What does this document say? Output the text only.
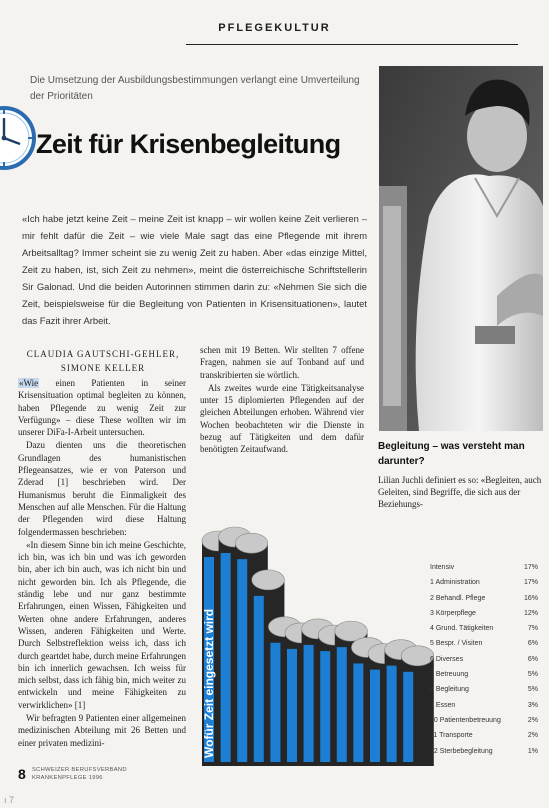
PFLEGEKULTUR
Die Umsetzung der Ausbildungsbestimmungen verlangt eine Umverteilung der Prioritäten
Zeit für Krisenbegleitung
«Ich habe jetzt keine Zeit – meine Zeit ist knapp – wir wollen keine Zeit verlieren – mir fehlt dafür die Zeit – wie viele Male sagt das eine Pflegende mit ihrem Arbeitsalltag? Immer scheint sie zu wenig Zeit zu haben. Aber «das einzige Mittel, Zeit zu haben, ist, sich Zeit zu nehmen», meint die österreichische Schriftstellerin Sir Galonad. Und die beiden Autorinnen stimmen darin zu: «Nehmen Sie sich die Zeit, beispielsweise für die Begleitung von Patienten in Krisensituationen», lautet das Fazit ihrer Arbeit.
CLAUDIA GAUTSCHI-GEHLER,
SIMONE KELLER

«Wie einen Patienten in seiner Krisensituation optimal begleiten zu können, haben Pflegende zu wenig Zeit zur Verfügung» – diese These wollten wir im unserer DiFa-I-Arbeit untersuchen.

Dazu dienten uns die theoretischen Grundlagen des humanistischen Pflegeansatzes, wie er von Paterson und Zderad [1] beschrieben wird. Der Humanismus beruht die Einmaligkeit des Menschen auf alle Menschen. Für die Haltung der Pflegenden wird diese Haltung folgendermassen beschrieben:

«In diesem Sinne bin ich meine Geschichte, ich bin, was ich bin und was ich geworden bin, aber ich bin auch, was ich nicht bin und nicht geworden bin. Ich als Pflegende, die ständig lebe und nur ganz bestimmte Erfahrungen, einen Wissen, Fähigkeiten und Werten ohne andere Erfahrungen, anderes Wissen, anderen Fähigkeiten und Werte. Durch Selbstreflektion weiss ich, dass ich durch geartdet habe, durch meine Erfahrungen bin ich innerlich gewachsen. Ich weiss für mich selbst, dass ich fähig bin, mich weiter zu entwickeln und meine Fähigkeiten zu verwirklichen» [1]

Wir befragten 9 Patienten einer allgemeinen medizinischen Abteilung mit 26 Betten und einer privaten medizini-

schen mit 19 Betten. Wir stellten 7 offene Fragen, nahmen sie auf Tonband auf und transkribierten sie wörtlich.

Als zweites wurde eine Tätigkeitsanalyse unter 15 diplomierten Pflegenden auf der gleichen Abteilungen erhoben. Während vier Wochen beobachteten wir die Dienste in bezug auf Tätigkeiten und dem dafür benötigten Zeitaufwand.	Begleitung – was versteht man darunter?
Lilian Juchli definiert es so: «Begleiten, auch Geleiten, sind Begriffe, die sich aus der Beziehungs-
Wofür Zeit eingesetzt wird
Intensiv	17%
1 Administration	17%
2 Behandl. Pflege	16%
3 Körperpflege	12%
4 Grund. Tätigkeiten	7%
5 Bespr. / Visiten	6%
6 Diverses	6%
7 Betreuung	5%
8 Begleitung	5%
9 Essen	3%
10 Patientenbetreuung	2%
11 Transporte	2%
12 Sterbebegleitung	1%
8 SCHWEIZER BERUFSVERBAND
KRANKENPFLEGE 1996
ı 7
